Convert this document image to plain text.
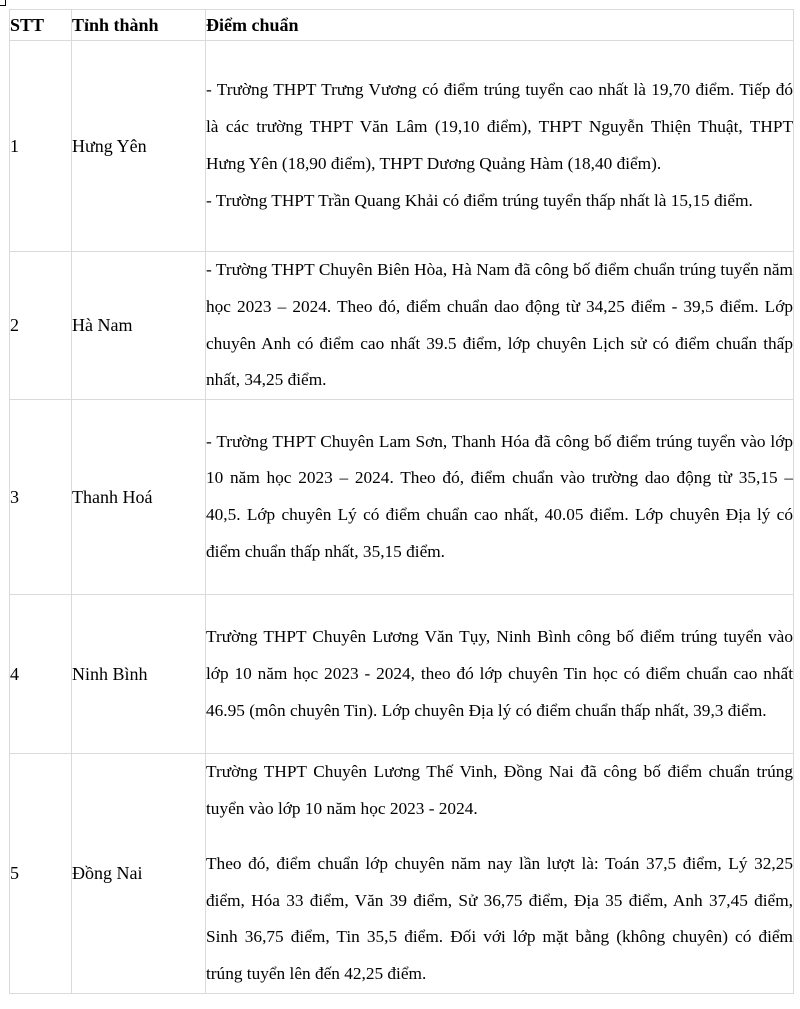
STT	Tỉnh thành	Điểm chuẩn
1	Hưng Yên	- Trường THPT Trưng Vương có điểm trúng tuyển cao nhất là 19,70 điểm. Tiếp đó là các trường THPT Văn Lâm (19,10 điểm), THPT Nguyễn Thiện Thuật, THPT Hưng Yên (18,90 điểm), THPT Dương Quảng Hàm (18,40 điểm).

- Trường THPT Trần Quang Khải có điểm trúng tuyển thấp nhất là 15,15 điểm.

2	Hà Nam	- Trường THPT Chuyên Biên Hòa, Hà Nam đã công bố điểm chuẩn trúng tuyển năm học 2023 – 2024. Theo đó, điểm chuẩn dao động từ 34,25 điểm - 39,5 điểm. Lớp chuyên Anh có điểm cao nhất 39.5 điểm, lớp chuyên Lịch sử có điểm chuẩn thấp nhất, 34,25 điểm.

3	Thanh Hoá	- Trường THPT Chuyên Lam Sơn, Thanh Hóa đã công bố điểm trúng tuyển vào lớp 10 năm học 2023 – 2024. Theo đó, điểm chuẩn vào trường dao động từ 35,15 – 40,5. Lớp chuyên Lý có điểm chuẩn cao nhất, 40.05 điểm. Lớp chuyên Địa lý có điểm chuẩn thấp nhất, 35,15 điểm.

4	Ninh Bình	Trường THPT Chuyên Lương Văn Tụy, Ninh Bình công bố điểm trúng tuyển vào lớp 10 năm học 2023 - 2024, theo đó lớp chuyên Tin học có điểm chuẩn cao nhất 46.95 (môn chuyên Tin). Lớp chuyên Địa lý có điểm chuẩn thấp nhất, 39,3 điểm.

5	Đồng Nai	Trường THPT Chuyên Lương Thế Vinh, Đồng Nai đã công bố điểm chuẩn trúng tuyển vào lớp 10 năm học 2023 - 2024.

Theo đó, điểm chuẩn lớp chuyên năm nay lần lượt là: Toán 37,5 điểm, Lý 32,25 điểm, Hóa 33 điểm, Văn 39 điểm, Sử 36,75 điểm, Địa 35 điểm, Anh 37,45 điểm, Sinh 36,75 điểm, Tin 35,5 điểm. Đối với lớp mặt bằng (không chuyên) có điểm trúng tuyển lên đến 42,25 điểm.
